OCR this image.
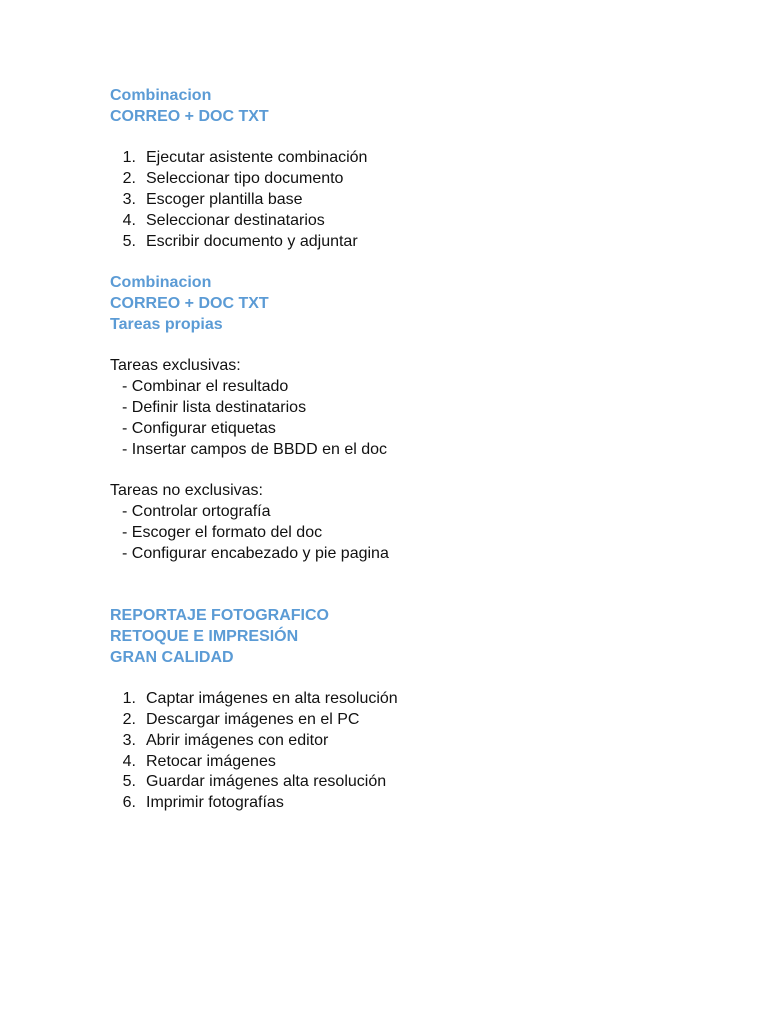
Combinacion
CORREO + DOC TXT
1. Ejecutar asistente combinación
2. Seleccionar tipo documento
3. Escoger plantilla base
4. Seleccionar destinatarios
5. Escribir documento y adjuntar
Combinacion
CORREO + DOC TXT
Tareas propias
Tareas exclusivas:
- Combinar el resultado
- Definir lista destinatarios
- Configurar etiquetas
- Insertar campos de BBDD en el doc
Tareas no exclusivas:
- Controlar ortografía
- Escoger el formato del doc
- Configurar encabezado y pie pagina
REPORTAJE FOTOGRAFICO
RETOQUE E IMPRESIÓN
GRAN CALIDAD
1. Captar imágenes en alta resolución
2. Descargar imágenes en el PC
3. Abrir imágenes con editor
4. Retocar imágenes
5. Guardar imágenes alta resolución
6. Imprimir fotografías
